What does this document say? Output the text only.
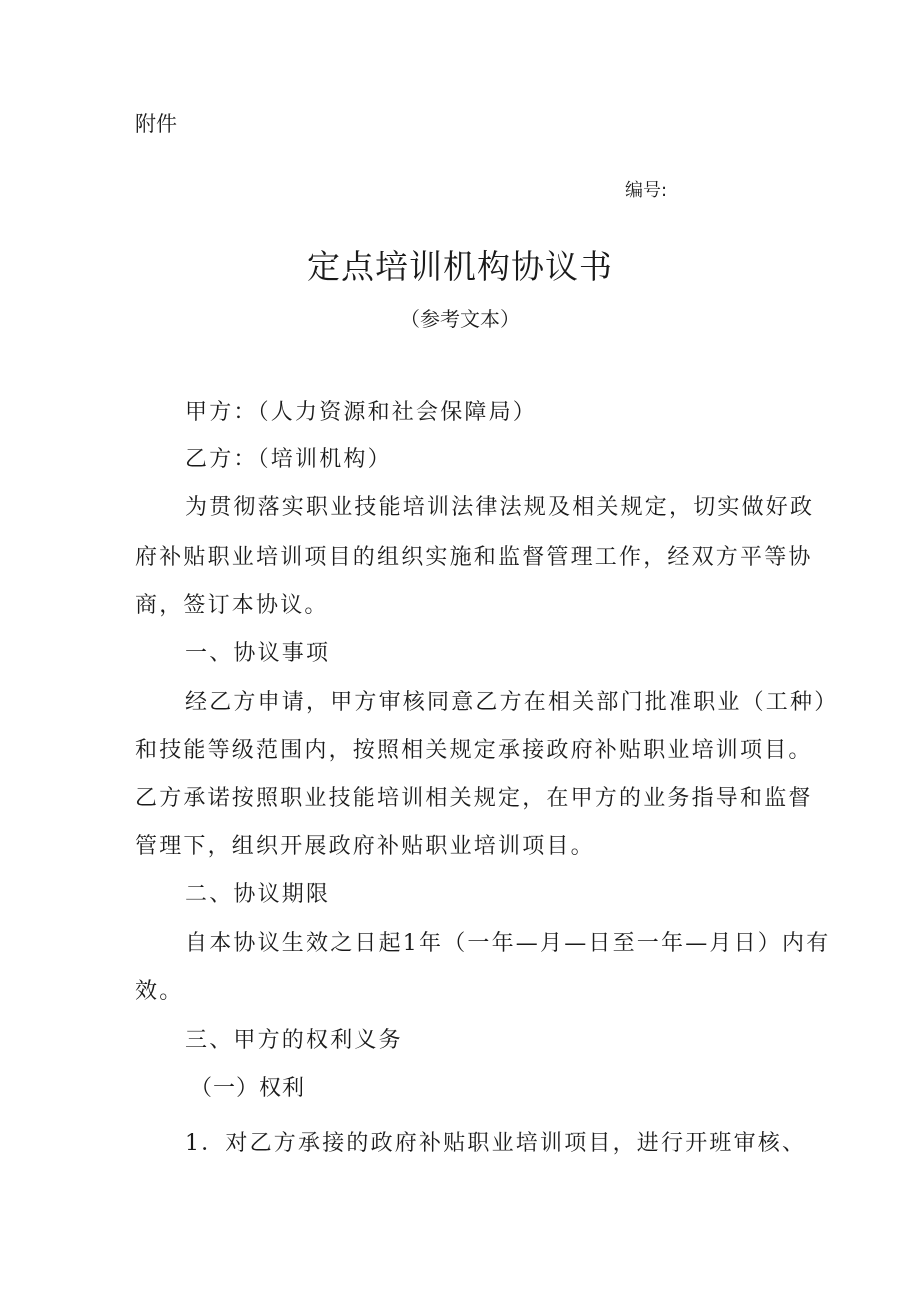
附件
编号:
定点培训机构协议书
（参考文本）
甲方：（人力资源和社会保障局）
乙方：（培训机构）
为贯彻落实职业技能培训法律法规及相关规定，切实做好政
府补贴职业培训项目的组织实施和监督管理工作，经双方平等协
商，签订本协议。
一、协议事项
经乙方申请，甲方审核同意乙方在相关部门批准职业（工种）
和技能等级范围内，按照相关规定承接政府补贴职业培训项目。
乙方承诺按照职业技能培训相关规定，在甲方的业务指导和监督
管理下，组织开展政府补贴职业培训项目。
二、协议期限
自本协议生效之日起1年（一年—月—日至一年—月日）内有
效。
三、甲方的权利义务
（一）权利
1．对乙方承接的政府补贴职业培训项目，进行开班审核、
